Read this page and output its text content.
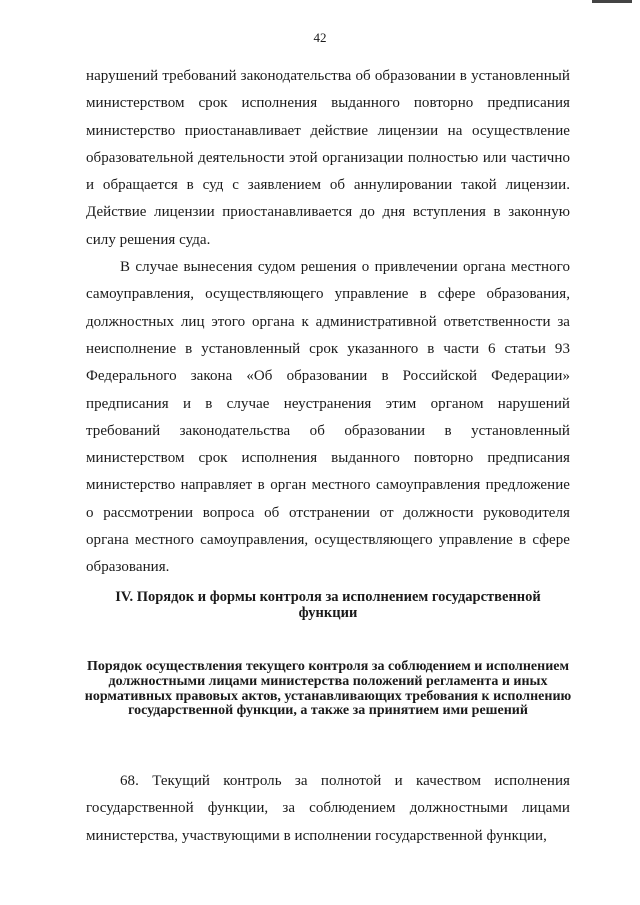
42

нарушений требований законодательства об образовании в установленный министерством срок исполнения выданного повторно предписания министерство приостанавливает действие лицензии на осуществление образовательной деятельности этой организации полностью или частично и обращается в суд с заявлением об аннулировании такой лицензии. Действие лицензии приостанавливается до дня вступления в законную силу решения суда.

В случае вынесения судом решения о привлечении органа местного самоуправления, осуществляющего управление в сфере образования, должностных лиц этого органа к административной ответственности за неисполнение в установленный срок указанного в части 6 статьи 93 Федерального закона «Об образовании в Российской Федерации» предписания и в случае неустранения этим органом нарушений требований законодательства об образовании в установленный министерством срок исполнения выданного повторно предписания министерство направляет в орган местного самоуправления предложение о рассмотрении вопроса об отстранении от должности руководителя органа местного самоуправления, осуществляющего управление в сфере образования.

IV. Порядок и формы контроля за исполнением государственной функции
Порядок осуществления текущего контроля за соблюдением и исполнением должностными лицами министерства положений регламента и иных нормативных правовых актов, устанавливающих требования к исполнению государственной функции, а также за принятием ими решений

68. Текущий контроль за полнотой и качеством исполнения государственной функции, за соблюдением должностными лицами министерства, участвующими в исполнении государственной функции,
